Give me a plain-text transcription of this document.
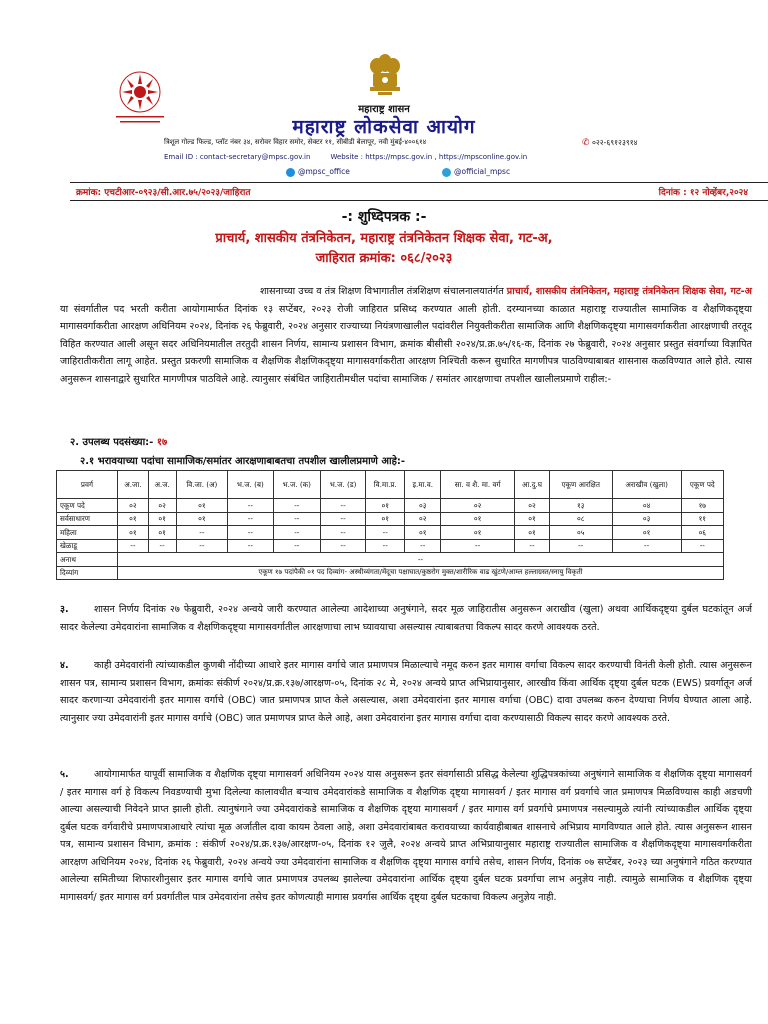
महाराष्ट्र शासन
महाराष्ट्र लोकसेवा आयोग
त्रिशूल गोल्ड फिल्ड, प्लॉट नंबर ३४, सरोवर विहार समोर, सेक्टर ११, सीबीडी बेलापूर, नवी मुंबई-४००६१४	✆ ०२२-६९१२३९१४
Email ID : contact-secretary@mpsc.gov.in	Website : https://mpsc.gov.in , https://mpsconline.gov.in
@mpsc_office	@official_mpsc
क्रमांक: एचटीआर-०९२३/सी.आर.७५/२०२३/जाहिरात	दिनांक : १२ नोव्हेंबर,२०२४
-: शुध्दिपत्रक :-
प्राचार्य, शासकीय तंत्रनिकेतन, महाराष्ट्र तंत्रनिकेतन शिक्षक सेवा, गट-अ,
जाहिरात क्रमांक: ०६८/२०२३
शासनाच्या उच्च व तंत्र शिक्षण विभागातील तंत्रशिक्षण संचालनालयातंर्गत प्राचार्य, शासकीय तंत्रनिकेतन, महाराष्ट्र तंत्रनिकेतन शिक्षक सेवा, गट-अ या संवर्गातील पद भरती करीता आयोगामार्फत दिनांक १३ सप्टेंबर, २०२३ रोजी जाहिरात प्रसिध्द करण्यात आली होती. दरम्यानच्या काळात महाराष्ट्र राज्यातील सामाजिक व शैक्षणिकदृष्ट्या मागासवर्गाकरीता आरक्षण अधिनियम २०२४, दिनांक २६ फेब्रुवारी, २०२४ अनुसार राज्याच्या नियंत्रणाखालील पदांवरील नियुक्तीकरीता सामाजिक आणि शैक्षणिकदृष्ट्या मागासवर्गाकरीता आरक्षणाची तरतूद विहित करण्यात आली असून सदर अधिनियमातील तरतुदी शासन निर्णय, सामान्य प्रशासन विभाग, क्रमांक बीसीसी २०२४/प्र.क्र.७५/१६-क, दिनांक २७ फेब्रुवारी, २०२४ अनुसार प्रस्तुत संवर्गाच्या विज्ञापित जाहिरातीकरीता लागू आहेत. प्रस्तुत प्रकरणी सामाजिक व शैक्षणिक शैक्षणिकदृष्ट्या मागासवर्गाकरीता आरक्षण निश्चिती करून सुधारित मागणीपत्र पाठविण्याबाबत शासनास कळविण्यात आले होते. त्यास अनुसरून शासनाद्वारे सुधारित मागणीपत्र पाठविले आहे. त्यानुसार संबंधित जाहिरातीमधील पदांचा सामाजिक / समांतर आरक्षणाचा तपशील खालीलप्रमाणे राहील:-
२. उपलब्ध पदसंख्या:- १७
२.१ भरावयाच्या पदांचा सामाजिक/समांतर आरक्षणाबाबतचा तपशील खालीलप्रमाणे आहे:-
प्रवर्ग	अ.जा.	अ.ज.	वि.जा. (अ)	भ.ज. (ब)	भ.ज. (क)	भ.ज. (ड)	वि.मा.प्र.	इ.मा.व.	सा. व शै. मा. वर्ग	आ.दु.घ	एकूण आरक्षित	अराखीव (खुला)	एकूण पदे
एकूण पदे	०२	०२	०१	--	--	--	०१	०३	०२	०२	१३	०४	१७
सर्वसाधारण	०१	०१	०१	--	--	--	०१	०२	०१	०१	०८	०३	११
महिला	०१	०१	--	--	--	--	--	०१	०१	०१	०५	०१	०६
खेळाडू	--	--	--	--	--	--	--	--	--	--	--	--	--
अनाथ	--												
दिव्यांग	एकूण १७ पदांपैकी ०१ पद दिव्यांग- अस्थीव्यंगता/मेंदूचा पक्षाघात/कुष्ठरोग मुक्त/शारीरिक वाढ खुंटणे/आम्ल हल्लाग्रस्त/स्नायु विकृती												
३.	शासन निर्णय दिनांक २७ फेब्रुवारी, २०२४ अन्वये जारी करण्यात आलेल्या आदेशाच्या अनुषंगाने, सदर मूळ जाहिरातीस अनुसरून अराखीव (खुला) अथवा आर्थिकदृष्ट्या दुर्बल घटकांतून अर्ज सादर केलेल्या उमेदवारांना सामाजिक व शैक्षणिकदृष्ट्या मागासवर्गातील आरक्षणाचा लाभ घ्यावयाचा असल्यास त्याबाबतचा विकल्प सादर करणे आवश्यक ठरते.
४.	काही उमेदवारांनी त्यांच्याकडील कुणबी नोंदीच्या आधारे इतर मागास वर्गाचे जात प्रमाणपत्र मिळाल्याचे नमूद करुन इतर मागास वर्गाचा विकल्प सादर करण्याची विनंती केली होती. त्यास अनुसरून शासन पत्र, सामान्य प्रशासन विभाग, क्रमांकः संकीर्ण २०२४/प्र.क्र.१३७/आरक्षण-०५, दिनांक २८ मे, २०२४ अन्वये प्राप्त अभिप्रायानुसार, आरखीव किंवा आर्थिक दृष्ट्या दुर्बल घटक (EWS) प्रवर्गातून अर्ज सादर करणाऱ्या उमेदवारांनी इतर मागास वर्गाचे (OBC) जात प्रमाणपत्र प्राप्त केले असल्यास, अशा उमेदवारांना इतर मागास वर्गाचा (OBC) दावा उपलब्ध करुन देण्याचा निर्णय घेण्यात आला आहे. त्यानुसार ज्या उमेदवारांनी इतर मागास वर्गाचे (OBC) जात प्रमाणपत्र प्राप्त केले आहे, अशा उमेदवारांना इतर मागास वर्गाचा दावा करण्यासाठी विकल्प सादर करणे आवश्यक ठरते.
५.	आयोगामार्फत यापूर्वी सामाजिक व शैक्षणिक दृष्ट्या मागासवर्ग अधिनियम २०२४ यास अनुसरून इतर संवर्गासाठी प्रसिद्ध केलेल्या शुद्धिपत्रकांच्या अनुषंगाने सामाजिक व शैक्षणिक दृष्ट्या मागासवर्ग / इतर मागास वर्ग हे विकल्प निवडण्याची मुभा दिलेल्या कालावधीत बऱ्याच उमेदवारांकडे सामाजिक व शैक्षणिक दृष्ट्या मागासवर्ग / इतर मागास वर्ग प्रवर्गाचे जात प्रमाणपत्र मिळविण्यास काही अडचणी आल्या असल्याची निवेदने प्राप्त झाली होती. त्यानुषंगाने ज्या उमेदवारांकडे सामाजिक व शैक्षणिक दृष्ट्या मागासवर्ग / इतर मागास वर्ग प्रवर्गाचे प्रमाणपत्र नसल्यामुळे त्यांनी त्यांच्याकडील आर्थिक दृष्ट्या दुर्बल घटक वर्गवारीचे प्रमाणपत्राआधारे त्यांचा मूळ अर्जातील दावा कायम ठेवला आहे, अशा उमेदवारांबाबत करावयाच्या कार्यवाहीबाबत शासनाचे अभिप्राय मागविण्यात आले होते. त्यास अनुसरून शासन पत्र, सामान्य प्रशासन विभाग, क्रमांक : संकीर्ण २०२४/प्र.क्र.१३७/आरक्षण-०५, दिनांक १२ जुलै, २०२४ अन्वये प्राप्त अभिप्रायानुसार महाराष्ट्र राज्यातील सामाजिक व शैक्षणिकदृष्ट्या मागासवर्गाकरीता आरक्षण अधिनियम २०२४, दिनांक २६ फेब्रुवारी, २०२४ अन्वये ज्या उमेदवारांना सामाजिक व शैक्षणिक दृष्ट्या मागास वर्गाचे तसेच, शासन निर्णय, दिनांक ०७ सप्टेंबर, २०२३ च्या अनुषंगाने गठित करण्यात आलेल्या समितीच्या शिफारशीनुसार इतर मागास वर्गाचे जात प्रमाणपत्र उपलब्ध झालेल्या उमेदवारांना आर्थिक दृष्ट्या दुर्बल घटक प्रवर्गाचा लाभ अनुज्ञेय नाही. त्यामुळे सामाजिक व शैक्षणिक दृष्ट्या मागासवर्ग/ इतर मागास वर्ग प्रवर्गातील पात्र उमेदवारांना तसेच इतर कोणत्याही मागास प्रवर्गास आर्थिक दृष्ट्या दुर्बल घटकाचा विकल्प अनुज्ञेय नाही.
